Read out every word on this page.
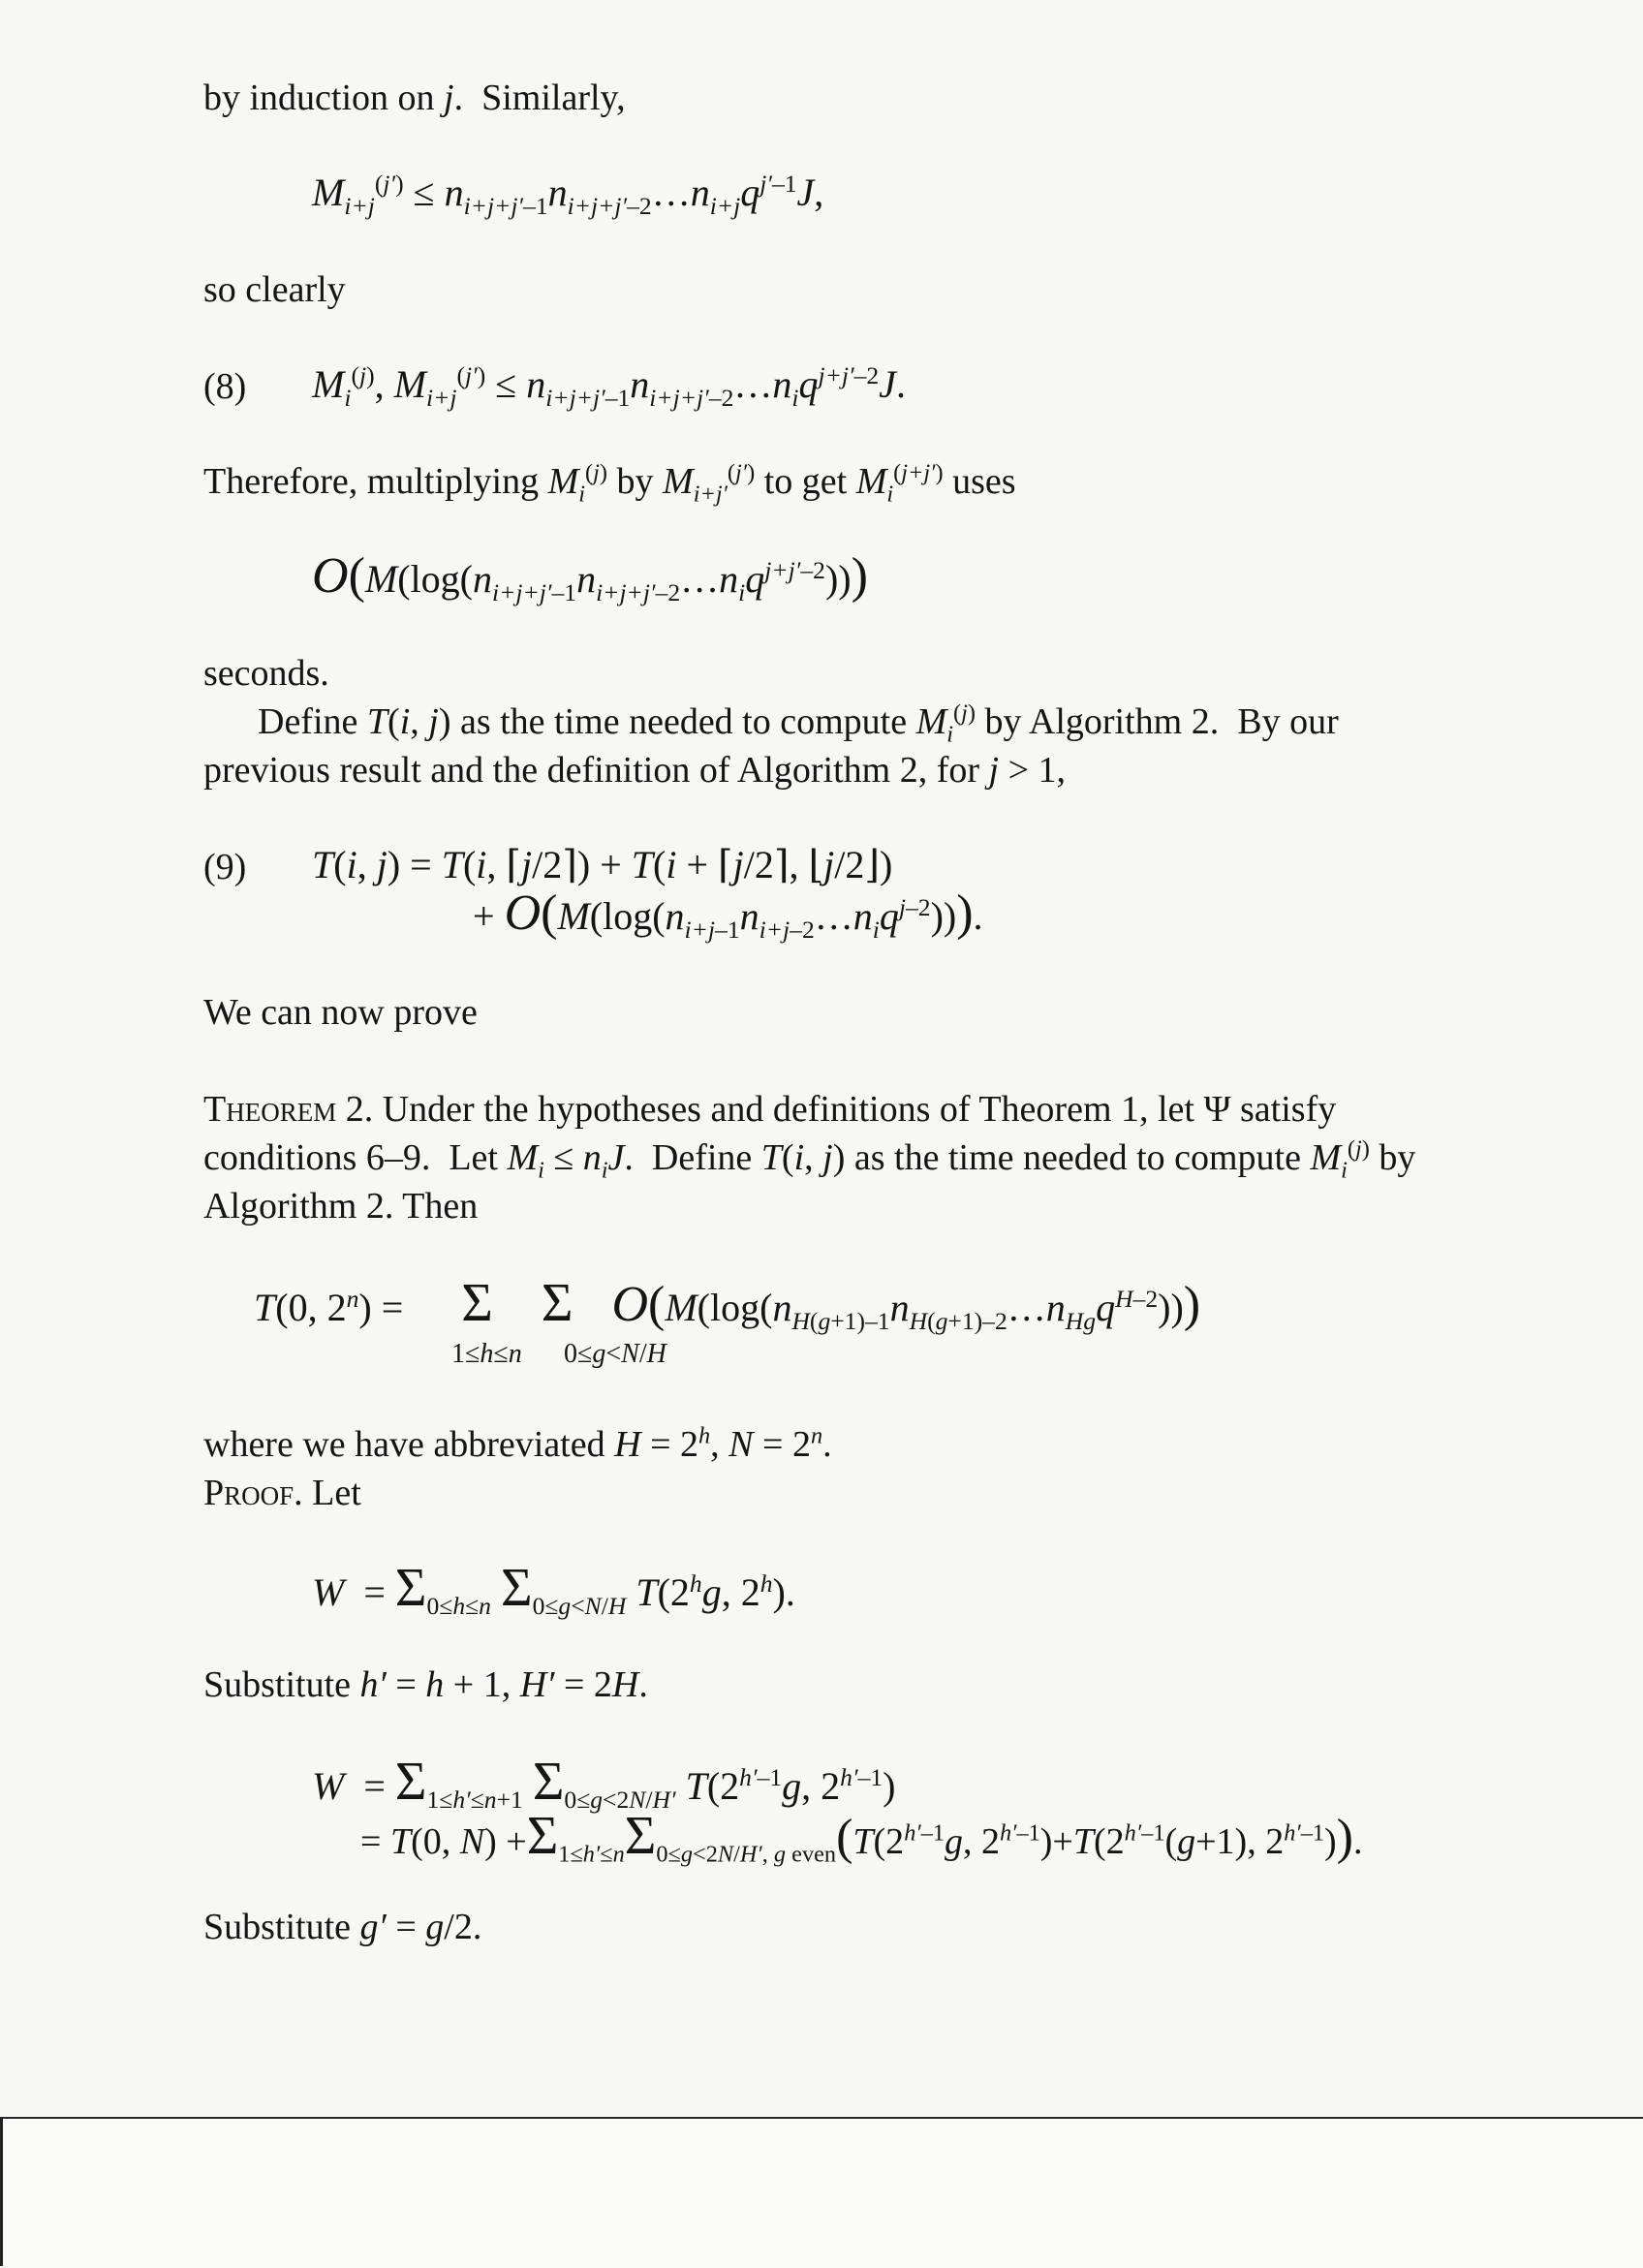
by induction on j.  Similarly,
$M_{i+j}^{(j')}$ ≤ $n_{i+j+j'-1}n_{i+j+j'-2}\dots n_{i+j}q^{j'-1}J$,
so clearly
(8) $M_i^{(j)}$, $M_{i+j}^{(j')}$ ≤ $n_{i+j+j'-1}n_{i+j+j'-2}\dots n_iq^{j+j'-2}J$.
Therefore, multiplying $M_i^{(j)}$ by $M_{i+j'}^{(j')}$ to get $M_i^{(j+j')}$ uses
$O(M(\log(n_{i+j+j'-1}n_{i+j+j'-2}\dots n_iq^{j+j'-2})))$
seconds.
Define T(i, j) as the time needed to compute $M_i^{(j)}$ by Algorithm 2.  By our
previous result and the definition of Algorithm 2, for j > 1,
(9) T(i, j) = T(i, ⌈j/2⌉) + T(i + ⌈j/2⌉, ⌊j/2⌋)
+ $O(M(\log(n_{i+j-1}n_{i+j-2}\dots n_iq^{j-2})))$.
We can now prove
Theorem 2. Under the hypotheses and definitions of Theorem 1, let Ψ satisfy
conditions 6–9.  Let $M_i \le n_iJ$.  Define T(i, j) as the time needed to compute $M_i^{(j)}$ by
Algorithm 2. Then
T(0, $2^n$) =      Σ Σ $O(M(\log(n_{H(g+1)-1}n_{H(g+1)-2}\dots n_{Hg}q^{H-2})))$
1≤h≤n 0≤g<N/H
where we have abbreviated $H = 2^h$, $N = 2^n$.
Proof. Let
$W = \Sigma_{0\le h\le n}$ $\Sigma_{0\le g<N/H}$ T(2$^h$g, 2$^h$).
Substitute h′ = h + 1, H′ = 2H.
$W = \Sigma_{1\le h'\le n+1}$ $\Sigma_{0\le g<2N/H'}$ $T(2^{h'-1}g$, $2^{h'-1}$)
= T(0, $N) +\Sigma_{1\le h'\le n}\Sigma_{0\le g<2N/H', g even}(T(2^{h'-1}g$, $2^{h'-1})+T(2^{h'-1}(g+1)$, $2^{h'-1}$)).
Substitute g′ = g/2.
